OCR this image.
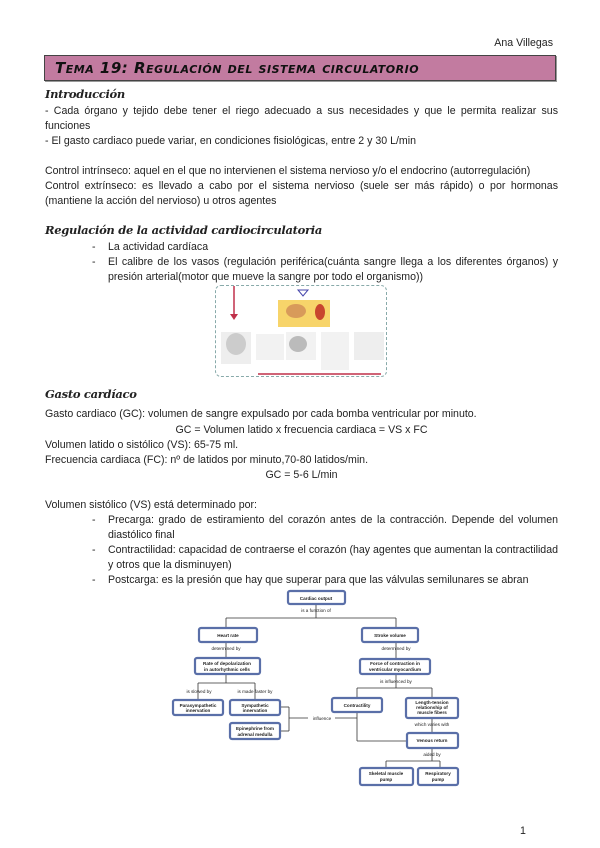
Ana Villegas
Tema 19: Regulación del sistema circulatorio
Introducción
- Cada órgano y tejido debe tener el riego adecuado a sus necesidades y que le permita realizar sus funciones
- El gasto cardiaco puede variar, en condiciones fisiológicas, entre 2 y 30 L/min
Control intrínseco: aquel en el que no intervienen el sistema nervioso y/o el endocrino (autorregulación)
Control extrínseco: es llevado a cabo por el sistema nervioso (suele ser más rápido) o por hormonas (mantiene la acción del nervioso) u otros agentes
Regulación de la actividad cardiocirculatoria
- La actividad cardíaca
- El calibre de los vasos (regulación periférica(cuánta sangre llega a los diferentes órganos) y presión arterial(motor que mueve la sangre por todo el organismo))
Gasto cardíaco
Gasto cardiaco (GC): volumen de sangre expulsado por cada bomba ventricular por minuto.
GC = Volumen latido x frecuencia cardiaca = VS x FC
Volumen latido o sistólico (VS): 65-75 ml.
Frecuencia cardiaca (FC): nº de latidos por minuto,70-80 latidos/min.
GC = 5-6 L/min
Volumen sistólico (VS) está determinado por:
- Precarga: grado de estiramiento del corazón antes de la contracción. Depende del volumen diastólico final
- Contractilidad: capacidad de contraerse el corazón (hay agentes que aumentan la contractilidad y otros que la disminuyen)
- Postcarga: es la presión que hay que superar para que las válvulas semilunares se abran
Cardiac output
is a function of
Heart rate	Stroke volume
determined by	determined by
Rate of depolarization
in autorhythmic cells
Force of contraction in
ventricular myocardium
is influenced by
is slowed by	is made faster by
Parasympathetic
innervation
Sympathetic
innervation
Epinephrine from
adrenal medulla
influence
Contractility
Length-tension
relationship of
muscle fibers
which varies with
Venous return
aided by
Skeletal muscle
pump
Respiratory
pump
1
